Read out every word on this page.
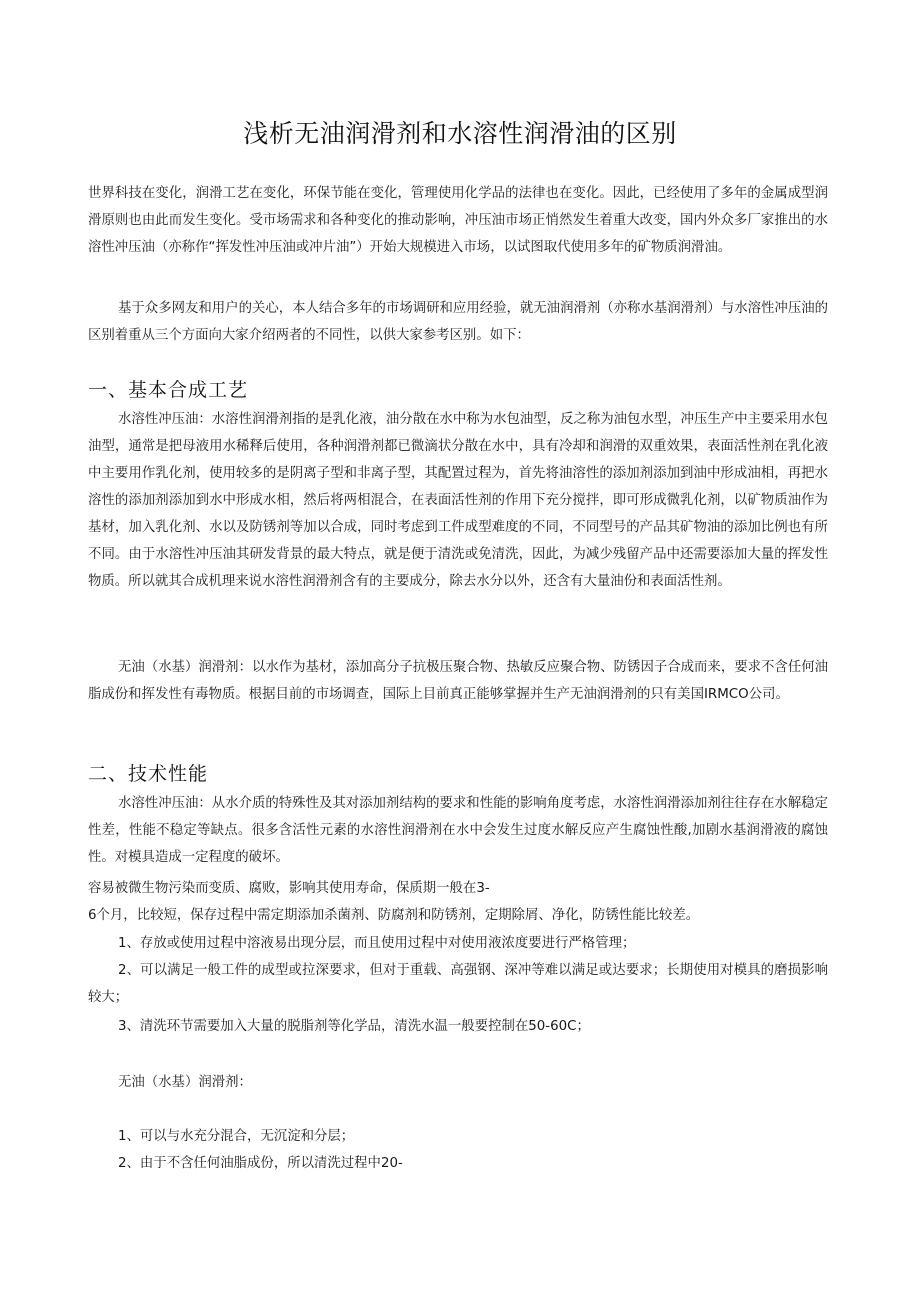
浅析无油润滑剂和水溶性润滑油的区别

世界科技在变化，润滑工艺在变化，环保节能在变化，管理使用化学品的法律也在变化。因此，已经使用了多年的金属成型润滑原则也由此而发生变化。受市场需求和各种变化的推动影响，冲压油市场正悄然发生着重大改变，国内外众多厂家推出的水溶性冲压油（亦称作“挥发性冲压油或冲片油”）开始大规模进入市场，以试图取代使用多年的矿物质润滑油。

基于众多网友和用户的关心，本人结合多年的市场调研和应用经验，就无油润滑剂（亦称水基润滑剂）与水溶性冲压油的区别着重从三个方面向大家介绍两者的不同性，以供大家参考区别。如下：

一、基本合成工艺

水溶性冲压油：水溶性润滑剂指的是乳化液，油分散在水中称为水包油型，反之称为油包水型，冲压生产中主要采用水包油型，通常是把母液用水稀释后使用，各种润滑剂都已微滴状分散在水中，具有冷却和润滑的双重效果，表面活性剂在乳化液中主要用作乳化剂，使用较多的是阴离子型和非离子型，其配置过程为，首先将油溶性的添加剂添加到油中形成油相，再把水溶性的添加剂添加到水中形成水相，然后将两相混合，在表面活性剂的作用下充分搅拌，即可形成微乳化剂，以矿物质油作为基材，加入乳化剂、水以及防锈剂等加以合成，同时考虑到工件成型难度的不同，不同型号的产品其矿物油的添加比例也有所不同。由于水溶性冲压油其研发背景的最大特点，就是便于清洗或免清洗，因此，为减少残留产品中还需要添加大量的挥发性物质。所以就其合成机理来说水溶性润滑剂含有的主要成分，除去水分以外，还含有大量油份和表面活性剂。

无油（水基）润滑剂：以水作为基材，添加高分子抗极压聚合物、热敏反应聚合物、防锈因子合成而来，要求不含任何油脂成份和挥发性有毒物质。根据目前的市场调查，国际上目前真正能够掌握并生产无油润滑剂的只有美国IRMCO公司。

二、技术性能

水溶性冲压油：从水介质的特殊性及其对添加剂结构的要求和性能的影响角度考虑，水溶性润滑添加剂往往存在水解稳定性差，性能不稳定等缺点。很多含活性元素的水溶性润滑剂在水中会发生过度水解反应产生腐蚀性酸,加剧水基润滑液的腐蚀性。对模具造成一定程度的破坏。

容易被微生物污染而变质、腐败，影响其使用寿命，保质期一般在3-

6个月，比较短，保存过程中需定期添加杀菌剂、防腐剂和防锈剂，定期除屑、净化，防锈性能比较差。

1、存放或使用过程中溶液易出现分层，而且使用过程中对使用液浓度要进行严格管理；

2、可以满足一般工件的成型或拉深要求，但对于重载、高强钢、深冲等难以满足或达要求；长期使用对模具的磨损影响较大；

3、清洗环节需要加入大量的脱脂剂等化学品，清洗水温一般要控制在50-60C；

无油（水基）润滑剂：

1、可以与水充分混合，无沉淀和分层；

2、由于不含任何油脂成份，所以清洗过程中20-
